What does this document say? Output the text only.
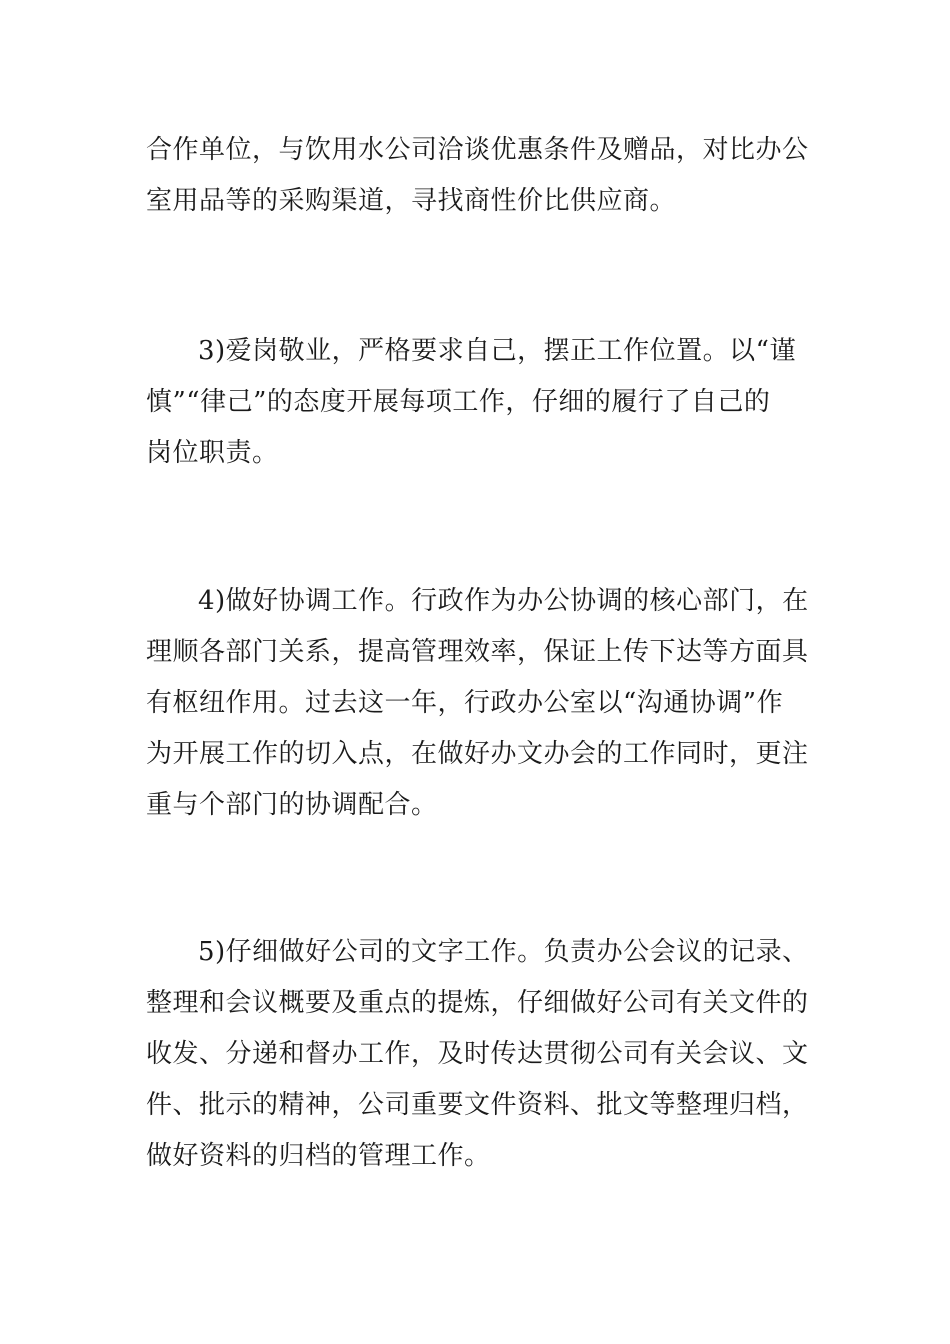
合作单位，与饮用水公司洽谈优惠条件及赠品，对比办公
室用品等的采购渠道，寻找商性价比供应商。

3)爱岗敬业，严格要求自己，摆正工作位置。以“谨
慎”“律己”的态度开展每项工作，仔细的履行了自己的
岗位职责。

4)做好协调工作。行政作为办公协调的核心部门，在
理顺各部门关系，提高管理效率，保证上传下达等方面具
有枢纽作用。过去这一年，行政办公室以“沟通协调”作
为开展工作的切入点，在做好办文办会的工作同时，更注
重与个部门的协调配合。

5)仔细做好公司的文字工作。负责办公会议的记录、
整理和会议概要及重点的提炼，仔细做好公司有关文件的
收发、分递和督办工作，及时传达贯彻公司有关会议、文
件、批示的精神，公司重要文件资料、批文等整理归档，
做好资料的归档的管理工作。
